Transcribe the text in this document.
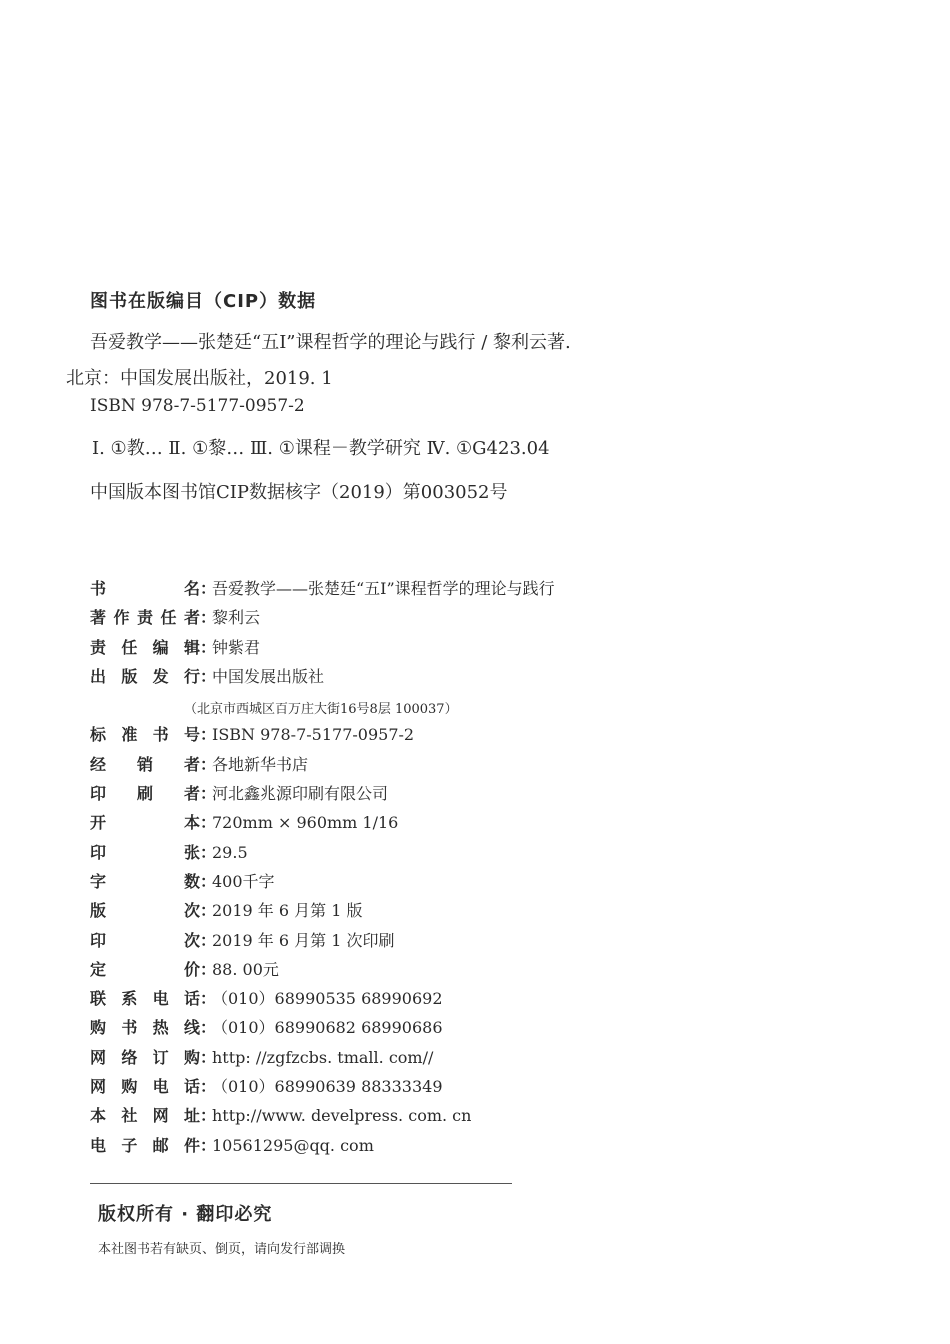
图书在版编目（CIP）数据
吾爱教学——张楚廷“五I”课程哲学的理论与践行 / 黎利云著.
北京：中国发展出版社，2019. 1
ISBN 978-7-5177-0957-2
Ⅰ. ①教… Ⅱ. ①黎… Ⅲ. ①课程－教学研究 Ⅳ. ①G423.04
中国版本图书馆CIP数据核字（2019）第003052号
书	名 ：
吾爱教学——张楚廷“五I”课程哲学的理论与践行
著 作 责 任 者 ：
黎利云
责 任 编 辑 ：
钟紫君
出 版 发 行 ：
中国发展出版社
标 准 书 号 ：
ISBN 978-7-5177-0957-2
经 销 者 ：
各地新华书店
印 刷 者 ：
河北鑫兆源印刷有限公司
开	本 ：
720mm × 960mm 1/16
印	张 ：
29.5
字	数 ：
400千字
版	次 ：
2019 年 6 月第 1 版
印	次 ：
2019 年 6 月第 1 次印刷
定	价 ：
88. 00元
联 系 电 话 ：
（010）68990535 68990692
购 书 热 线 ：
（010）68990682 68990686
网 络 订 购 ：
http: //zgfzcbs. tmall. com//
网 购 电 话 ：
（010）68990639 88333349
本 社 网 址 ：
http://www. develpress. com. cn
电 子 邮 件 ：
10561295@qq. com
（北京市西城区百万庄大街16号8层 100037）
版权所有 · 翻印必究
本社图书若有缺页、倒页，请向发行部调换
